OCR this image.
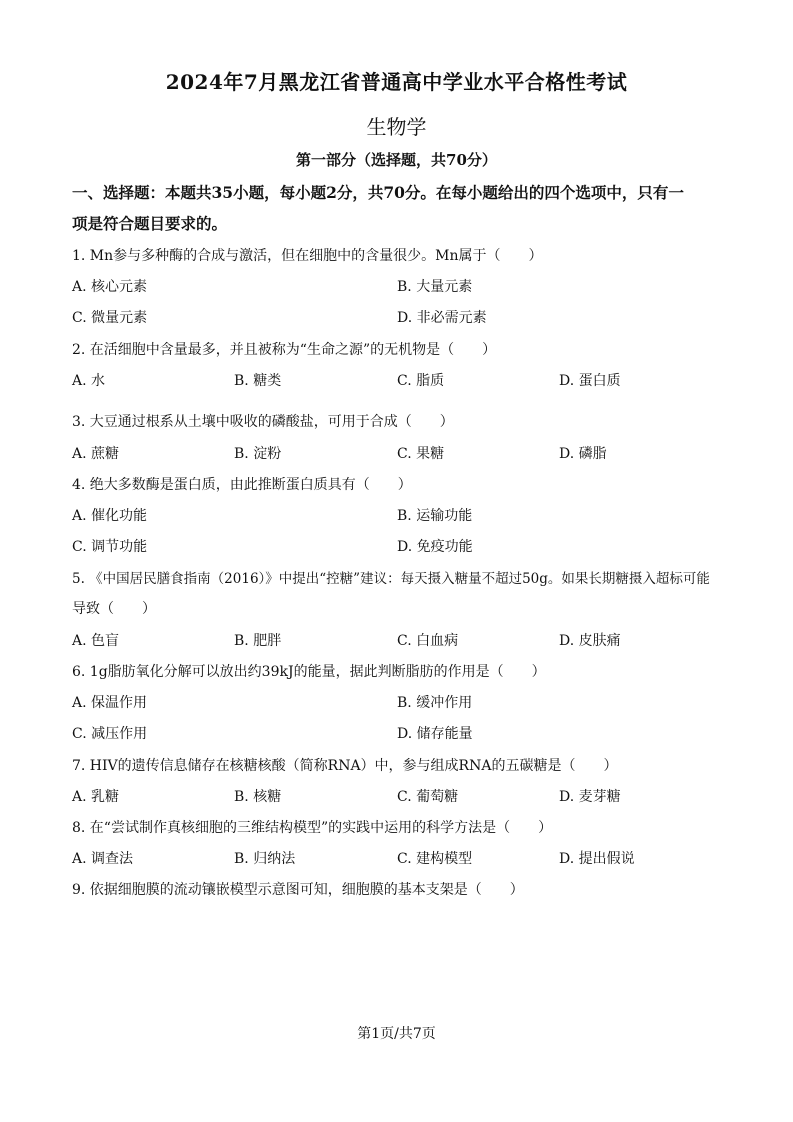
2024年7月黑龙江省普通高中学业水平合格性考试
生物学
第一部分（选择题，共70分）
一、选择题：本题共35小题，每小题2分，共70分。在每小题给出的四个选项中，只有一
项是符合题目要求的。
1. Mn参与多种酶的合成与激活，但在细胞中的含量很少。Mn属于（　　）
A. 核心元素	B. 大量元素
C. 微量元素	D. 非必需元素
2. 在活细胞中含量最多，并且被称为“生命之源”的无机物是（　　）
A. 水	B. 糖类	C. 脂质	D. 蛋白质
3. 大豆通过根系从土壤中吸收的磷酸盐，可用于合成（　　）
A. 蔗糖	B. 淀粉	C. 果糖	D. 磷脂
4. 绝大多数酶是蛋白质，由此推断蛋白质具有（　　）
A. 催化功能	B. 运输功能
C. 调节功能	D. 免疫功能
5. 《中国居民膳食指南（2016）》中提出“控糖”建议：每天摄入糖量不超过50g。如果长期糖摄入超标可能
导致（　　）
A. 色盲	B. 肥胖	C. 白血病	D. 皮肤痛
6. 1g脂肪氧化分解可以放出约39kJ的能量，据此判断脂肪的作用是（　　）
A. 保温作用	B. 缓冲作用
C. 减压作用	D. 储存能量
7. HIV的遗传信息储存在核糖核酸（简称RNA）中，参与组成RNA的五碳糖是（　　）
A. 乳糖	B. 核糖	C. 葡萄糖	D. 麦芽糖
8. 在“尝试制作真核细胞的三维结构模型”的实践中运用的科学方法是（　　）
A. 调查法	B. 归纳法	C. 建构模型	D. 提出假说
9. 依据细胞膜的流动镶嵌模型示意图可知，细胞膜的基本支架是（　　）
第1页/共7页
